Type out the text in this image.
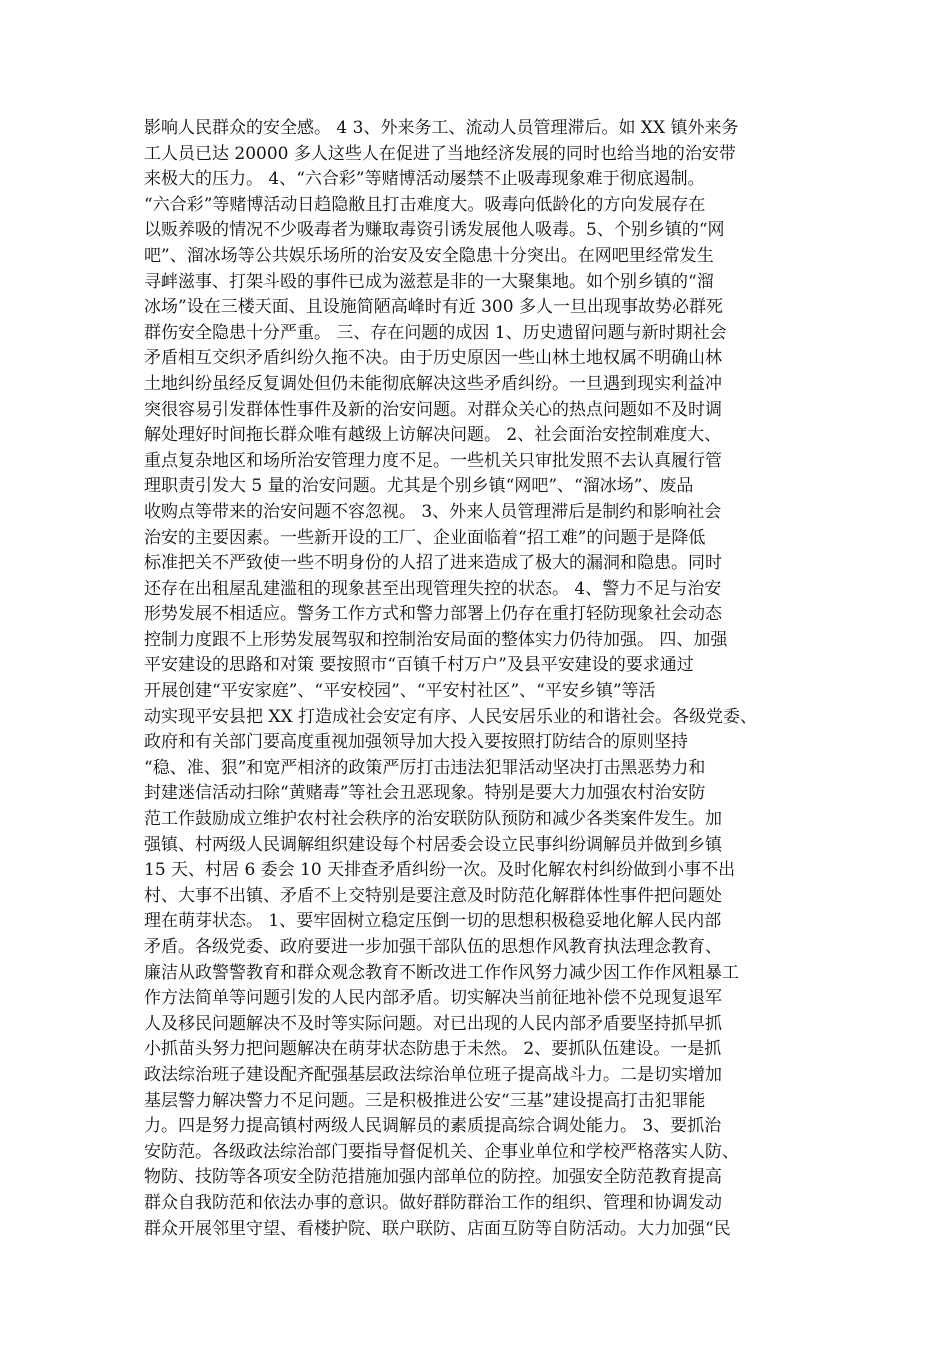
影响人民群众的安全感。 4 3、外来务工、流动人员管理滞后。如 XX 镇外来务
工人员已达 20000 多人这些人在促进了当地经济发展的同时也给当地的治安带
来极大的压力。 4、“六合彩”等赌博活动屡禁不止吸毒现象难于彻底遏制。
“六合彩”等赌博活动日趋隐敝且打击难度大。吸毒向低龄化的方向发展存在
以贩养吸的情况不少吸毒者为赚取毒资引诱发展他人吸毒。5、个别乡镇的“网
吧”、溜冰场等公共娱乐场所的治安及安全隐患十分突出。在网吧里经常发生
寻衅滋事、打架斗殴的事件已成为滋惹是非的一大聚集地。如个别乡镇的“溜
冰场”设在三楼天面、且设施简陋高峰时有近 300 多人一旦出现事故势必群死
群伤安全隐患十分严重。 三、存在问题的成因 1、历史遗留问题与新时期社会
矛盾相互交织矛盾纠纷久拖不决。由于历史原因一些山林土地权属不明确山林
土地纠纷虽经反复调处但仍未能彻底解决这些矛盾纠纷。一旦遇到现实利益冲
突很容易引发群体性事件及新的治安问题。对群众关心的热点问题如不及时调
解处理好时间拖长群众唯有越级上访解决问题。 2、社会面治安控制难度大、
重点复杂地区和场所治安管理力度不足。一些机关只审批发照不去认真履行管
理职责引发大 5 量的治安问题。尤其是个别乡镇“网吧”、“溜冰场”、废品
收购点等带来的治安问题不容忽视。 3、外来人员管理滞后是制约和影响社会
治安的主要因素。一些新开设的工厂、企业面临着“招工难”的问题于是降低
标准把关不严致使一些不明身份的人招了进来造成了极大的漏洞和隐患。同时
还存在出租屋乱建滥租的现象甚至出现管理失控的状态。 4、警力不足与治安
形势发展不相适应。警务工作方式和警力部署上仍存在重打轻防现象社会动态
控制力度跟不上形势发展驾驭和控制治安局面的整体实力仍待加强。 四、加强
平安建设的思路和对策 要按照市“百镇千村万户”及县平安建设的要求通过
开展创建“平安家庭”、“平安校园”、“平安村社区”、“平安乡镇”等活
动实现平安县把 XX 打造成社会安定有序、人民安居乐业的和谐社会。各级党委、
政府和有关部门要高度重视加强领导加大投入要按照打防结合的原则坚持
“稳、准、狠”和宽严相济的政策严厉打击违法犯罪活动坚决打击黑恶势力和
封建迷信活动扫除“黄赌毒”等社会丑恶现象。特别是要大力加强农村治安防
范工作鼓励成立维护农村社会秩序的治安联防队预防和减少各类案件发生。加
强镇、村两级人民调解组织建设每个村居委会设立民事纠纷调解员并做到乡镇
15 天、村居 6 委会 10 天排查矛盾纠纷一次。及时化解农村纠纷做到小事不出
村、大事不出镇、矛盾不上交特别是要注意及时防范化解群体性事件把问题处
理在萌芽状态。 1、要牢固树立稳定压倒一切的思想积极稳妥地化解人民内部
矛盾。各级党委、政府要进一步加强干部队伍的思想作风教育执法理念教育、
廉洁从政警警教育和群众观念教育不断改进工作作风努力减少因工作作风粗暴工
作方法简单等问题引发的人民内部矛盾。切实解决当前征地补偿不兑现复退军
人及移民问题解决不及时等实际问题。对已出现的人民内部矛盾要坚持抓早抓
小抓苗头努力把问题解决在萌芽状态防患于未然。 2、要抓队伍建设。一是抓
政法综治班子建设配齐配强基层政法综治单位班子提高战斗力。二是切实增加
基层警力解决警力不足问题。三是积极推进公安“三基”建设提高打击犯罪能
力。四是努力提高镇村两级人民调解员的素质提高综合调处能力。 3、要抓治
安防范。各级政法综治部门要指导督促机关、企事业单位和学校严格落实人防、
物防、技防等各项安全防范措施加强内部单位的防控。加强安全防范教育提高
群众自我防范和依法办事的意识。做好群防群治工作的组织、管理和协调发动
群众开展邻里守望、看楼护院、联户联防、店面互防等自防活动。大力加强“民
